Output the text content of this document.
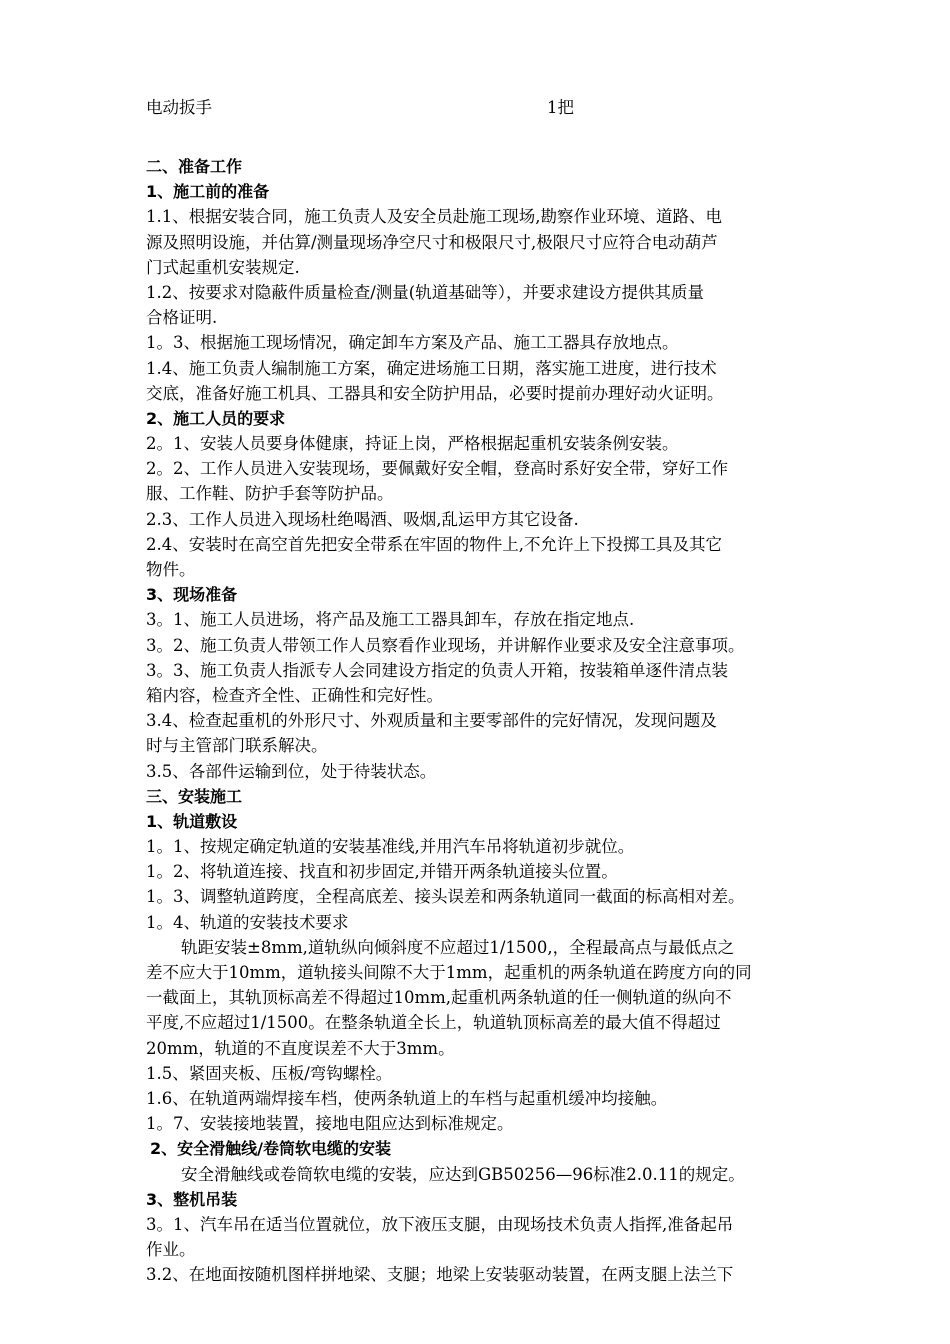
电动扳手	1把
二、准备工作
1、施工前的准备
1.1、根据安装合同，施工负责人及安全员赴施工现场,勘察作业环境、道路、电
源及照明设施，并估算/测量现场净空尺寸和极限尺寸,极限尺寸应符合电动葫芦
门式起重机安装规定.
1.2、按要求对隐蔽件质量检查/测量(轨道基础等），并要求建设方提供其质量
合格证明.
1。3、根据施工现场情况，确定卸车方案及产品、施工工器具存放地点。
1.4、施工负责人编制施工方案，确定进场施工日期，落实施工进度，进行技术
交底，准备好施工机具、工器具和安全防护用品，必要时提前办理好动火证明。
2、施工人员的要求
2。1、安装人员要身体健康，持证上岗，严格根据起重机安装条例安装。
2。2、工作人员进入安装现场，要佩戴好安全帽，登高时系好安全带，穿好工作
服、工作鞋、防护手套等防护品。
2.3、工作人员进入现场杜绝喝酒、吸烟,乱运甲方其它设备.
2.4、安装时在高空首先把安全带系在牢固的物件上,不允许上下投掷工具及其它
物件。
3、现场准备
3。1、施工人员进场，将产品及施工工器具卸车，存放在指定地点.
3。2、施工负责人带领工作人员察看作业现场，并讲解作业要求及安全注意事项。
3。3、施工负责人指派专人会同建设方指定的负责人开箱，按装箱单逐件清点装
箱内容，检查齐全性、正确性和完好性。
3.4、检查起重机的外形尺寸、外观质量和主要零部件的完好情况，发现问题及
时与主管部门联系解决。
3.5、各部件运输到位，处于待装状态。
三、安装施工
1、轨道敷设
1。1、按规定确定轨道的安装基准线,并用汽车吊将轨道初步就位。
1。2、将轨道连接、找直和初步固定,并错开两条轨道接头位置。
1。3、调整轨道跨度，全程高底差、接头误差和两条轨道同一截面的标高相对差。
1。4、轨道的安装技术要求
轨距安装±8mm,道轨纵向倾斜度不应超过1/1500,，全程最高点与最低点之
差不应大于10mm，道轨接头间隙不大于1mm，起重机的两条轨道在跨度方向的同
一截面上，其轨顶标高差不得超过10mm,起重机两条轨道的任一侧轨道的纵向不
平度,不应超过1/1500。在整条轨道全长上，轨道轨顶标高差的最大值不得超过
20mm，轨道的不直度误差不大于3mm。
1.5、紧固夹板、压板/弯钩螺栓。
1.6、在轨道两端焊接车档，使两条轨道上的车档与起重机缓冲均接触。
1。7、安装接地装置，接地电阻应达到标准规定。
2、安全滑触线/卷筒软电缆的安装
安全滑触线或卷筒软电缆的安装，应达到GB50256—96标准2.0.11的规定。
3、整机吊装
3。1、汽车吊在适当位置就位，放下液压支腿，由现场技术负责人指挥,准备起吊
作业。
3.2、在地面按随机图样拼地梁、支腿；地梁上安装驱动装置，在两支腿上法兰下
